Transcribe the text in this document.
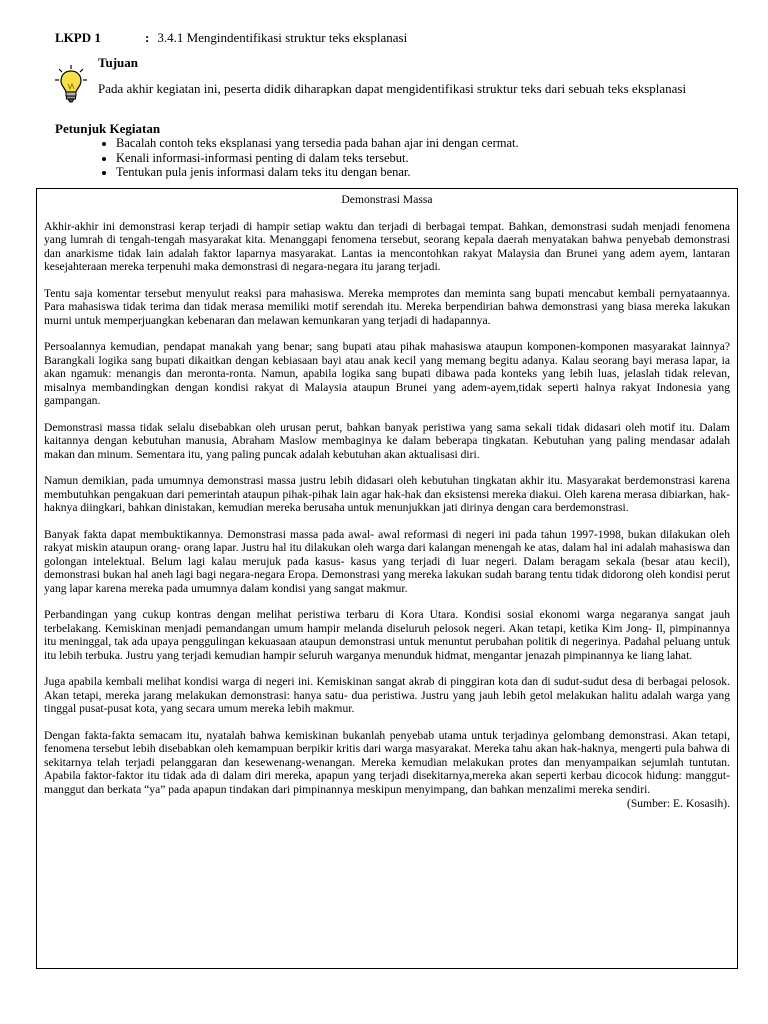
LKPD 1	: 3.4.1 Mengindentifikasi struktur teks eksplanasi
Tujuan
Pada akhir kegiatan ini, peserta didik diharapkan dapat mengidentifikasi struktur teks dari sebuah teks eksplanasi
Petunjuk Kegiatan
• Bacalah contoh teks eksplanasi yang tersedia pada bahan ajar ini dengan cermat.
• Kenali informasi-informasi penting di dalam teks tersebut.
• Tentukan pula jenis informasi dalam teks itu dengan benar.
Demonstrasi Massa

Akhir-akhir ini demonstrasi kerap terjadi di hampir setiap waktu dan terjadi di berbagai tempat. Bahkan, demonstrasi sudah menjadi fenomena yang lumrah di tengah-tengah masyarakat kita. Menanggapi fenomena tersebut, seorang kepala daerah menyatakan bahwa penyebab demonstrasi dan anarkisme tidak lain adalah faktor laparnya masyarakat. Lantas ia mencontohkan rakyat Malaysia dan Brunei yang adem ayem, lantaran kesejahteraan mereka terpenuhi maka demonstrasi di negara-negara itu jarang terjadi.

Tentu saja komentar tersebut menyulut reaksi para mahasiswa. Mereka memprotes dan meminta sang bupati mencabut kembali pernyataannya. Para mahasiswa tidak terima dan tidak merasa memiliki motif serendah itu. Mereka berpendirian bahwa demonstrasi yang biasa mereka lakukan murni untuk memperjuangkan kebenaran dan melawan kemunkaran yang terjadi di hadapannya.

Persoalannya kemudian, pendapat manakah yang benar; sang bupati atau pihak mahasiswa ataupun komponen-komponen masyarakat lainnya? Barangkali logika sang bupati dikaitkan dengan kebiasaan bayi atau anak kecil yang memang begitu adanya. Kalau seorang bayi merasa lapar, ia akan ngamuk: menangis dan meronta-ronta. Namun, apabila logika sang bupati dibawa pada konteks yang lebih luas, jelaslah tidak relevan, misalnya membandingkan dengan kondisi rakyat di Malaysia ataupun Brunei yang adem-ayem,tidak seperti halnya rakyat Indonesia yang gampangan.

Demonstrasi massa tidak selalu disebabkan oleh urusan perut, bahkan banyak peristiwa yang sama sekali tidak didasari oleh motif itu. Dalam kaitannya dengan kebutuhan manusia, Abraham Maslow membaginya ke dalam beberapa tingkatan. Kebutuhan yang paling mendasar adalah makan dan minum. Sementara itu, yang paling puncak adalah kebutuhan akan aktualisasi diri.

Namun demikian, pada umumnya demonstrasi massa justru lebih didasari oleh kebutuhan tingkatan akhir itu. Masyarakat berdemonstrasi karena membutuhkan pengakuan dari pemerintah ataupun pihak-pihak lain agar hak-hak dan eksistensi mereka diakui. Oleh karena merasa dibiarkan, hak-haknya diingkari, bahkan dinistakan, kemudian mereka berusaha untuk menunjukkan jati dirinya dengan cara berdemonstrasi.

Banyak fakta dapat membuktikannya. Demonstrasi massa pada awal- awal reformasi di negeri ini pada tahun 1997-1998, bukan dilakukan oleh rakyat miskin ataupun orang- orang lapar. Justru hal itu dilakukan oleh warga dari kalangan menengah ke atas, dalam hal ini adalah mahasiswa dan golongan intelektual. Belum lagi kalau merujuk pada kasus- kasus yang terjadi di luar negeri. Dalam beragam sekala (besar atau kecil), demonstrasi bukan hal aneh lagi bagi negara-negara Eropa. Demonstrasi yang mereka lakukan sudah barang tentu tidak didorong oleh kondisi perut yang lapar karena mereka pada umumnya dalam kondisi yang sangat makmur.

Perbandingan yang cukup kontras dengan melihat peristiwa terbaru di Kora Utara. Kondisi sosial ekonomi warga negaranya sangat jauh terbelakang. Kemiskinan menjadi pemandangan umum hampir melanda diseluruh pelosok negeri. Akan tetapi, ketika Kim Jong- Il, pimpinannya itu meninggal, tak ada upaya penggulingan kekuasaan ataupun demonstrasi untuk menuntut perubahan politik di negerinya. Padahal peluang untuk itu lebih terbuka. Justru yang terjadi kemudian hampir seluruh warganya menunduk hidmat, mengantar jenazah pimpinannya ke liang lahat.

Juga apabila kembali melihat kondisi warga di negeri ini. Kemiskinan sangat akrab di pinggiran kota dan di sudut-sudut desa di berbagai pelosok. Akan tetapi, mereka jarang melakukan demonstrasi: hanya satu- dua peristiwa. Justru yang jauh lebih getol melakukan halitu adalah warga yang tinggal pusat-pusat kota, yang secara umum mereka lebih makmur.

Dengan fakta-fakta semacam itu, nyatalah bahwa kemiskinan bukanlah penyebab utama untuk terjadinya gelombang demonstrasi. Akan tetapi, fenomena tersebut lebih disebabkan oleh kemampuan berpikir kritis dari warga masyarakat. Mereka tahu akan hak-haknya, mengerti pula bahwa di sekitarnya telah terjadi pelanggaran dan kesewenang-wenangan. Mereka kemudian melakukan protes dan menyampaikan sejumlah tuntutan. Apabila faktor-faktor itu tidak ada di dalam diri mereka, apapun yang terjadi disekitarnya,mereka akan seperti kerbau dicocok hidung: manggut- manggut dan berkata “ya” pada apapun tindakan dari pimpinannya meskipun menyimpang, dan bahkan menzalimi mereka sendiri.

(Sumber: E. Kosasih).
